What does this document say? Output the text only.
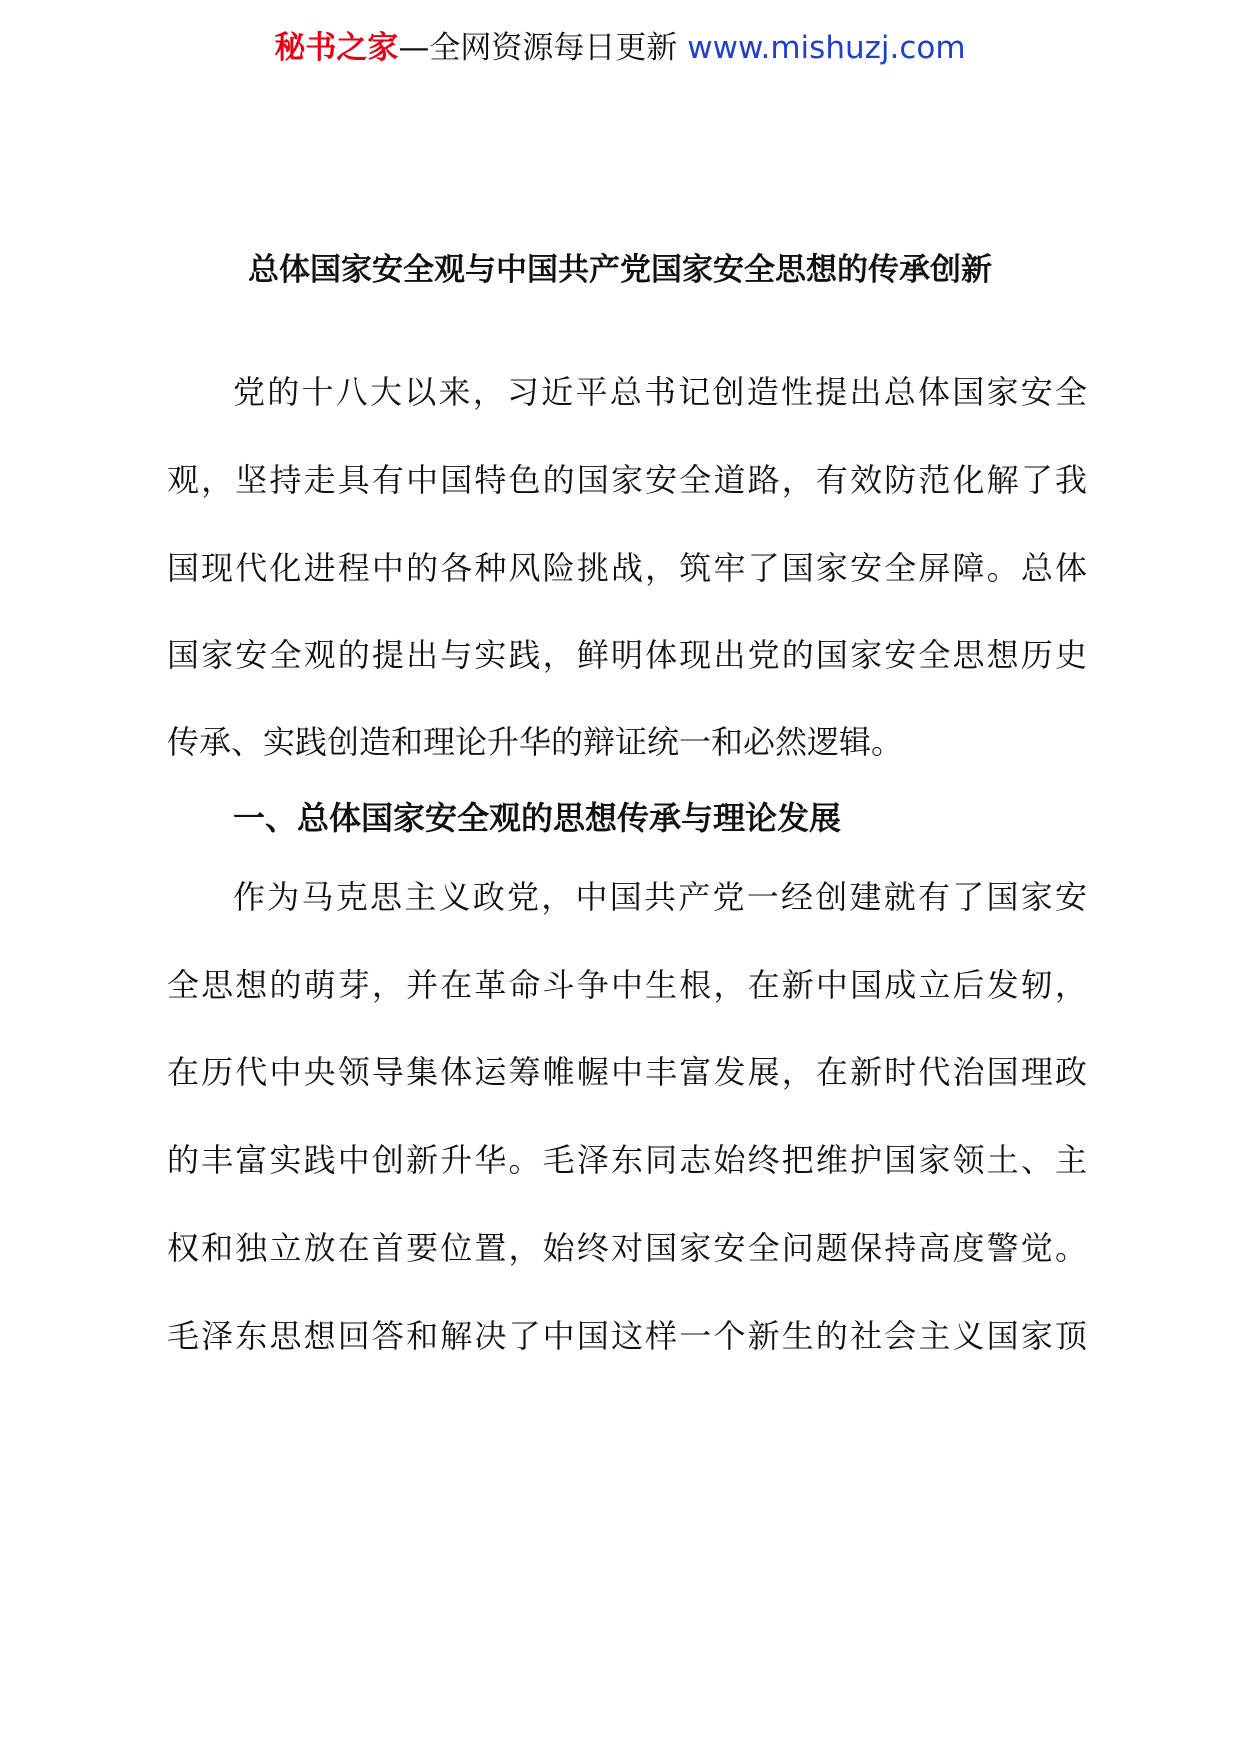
秘书之家—全网资源每日更新 www.mishuzj.com
总体国家安全观与中国共产党国家安全思想的传承创新
党的十八大以来，习近平总书记创造性提出总体国家安全
观，坚持走具有中国特色的国家安全道路，有效防范化解了我
国现代化进程中的各种风险挑战，筑牢了国家安全屏障。总体
国家安全观的提出与实践，鲜明体现出党的国家安全思想历史
传承、实践创造和理论升华的辩证统一和必然逻辑。
一、总体国家安全观的思想传承与理论发展
作为马克思主义政党，中国共产党一经创建就有了国家安
全思想的萌芽，并在革命斗争中生根，在新中国成立后发轫，
在历代中央领导集体运筹帷幄中丰富发展，在新时代治国理政
的丰富实践中创新升华。毛泽东同志始终把维护国家领土、主
权和独立放在首要位置，始终对国家安全问题保持高度警觉。
毛泽东思想回答和解决了中国这样一个新生的社会主义国家顶
